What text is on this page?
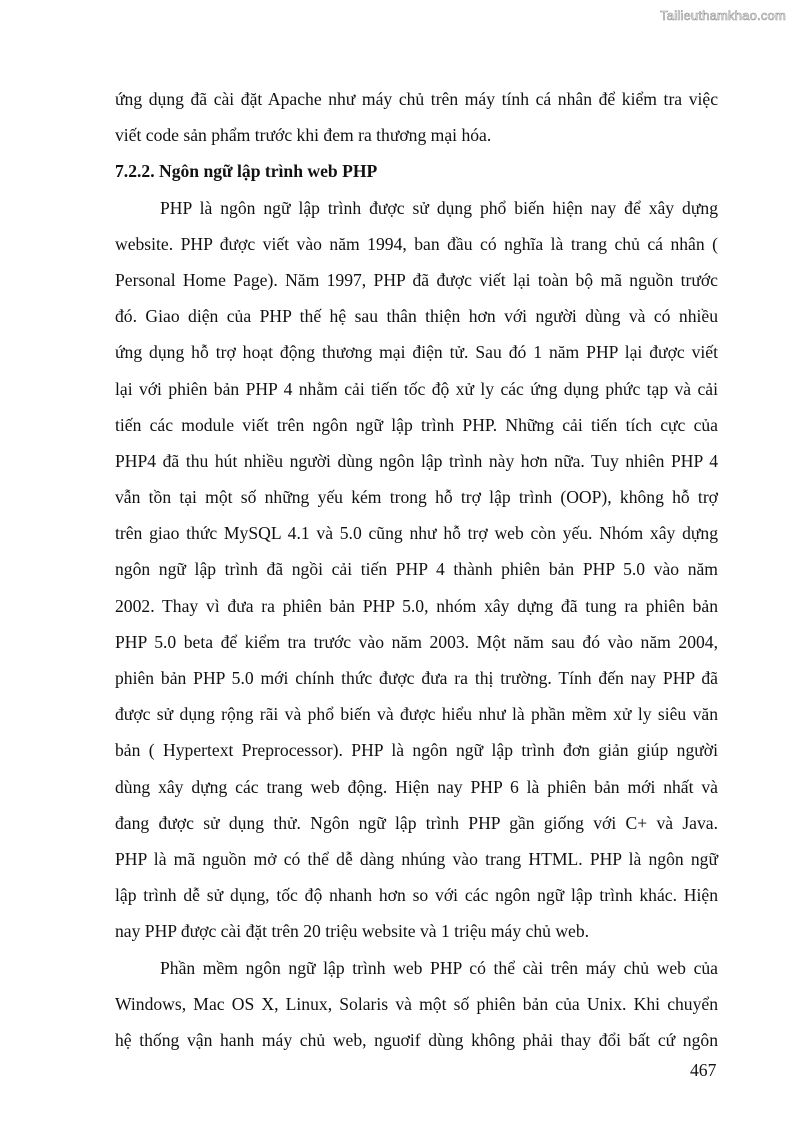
Tailieuthamkhao.com
ứng dụng đã cài đặt Apache như máy chủ trên máy tính cá nhân để kiểm tra việc
viết code sản phẩm trước khi đem ra thương mại hóa.
7.2.2. Ngôn ngữ lập trình web PHP
PHP là ngôn ngữ lập trình được sử dụng phổ biến hiện nay để xây dựng
website. PHP được viết vào năm 1994, ban đầu có nghĩa là trang chủ cá nhân (
Personal Home Page). Năm 1997, PHP đã được viết lại toàn bộ mã nguồn trước
đó. Giao diện của PHP thế hệ sau thân thiện hơn với người dùng và có nhiều
ứng dụng hỗ trợ hoạt động thương mại điện tử. Sau đó 1 năm PHP lại được viết
lại với phiên bản PHP 4 nhằm cải tiến tốc độ xử ly các ứng dụng phức tạp và cải
tiến các module viết trên ngôn ngữ lập trình PHP. Những cải tiến tích cực của
PHP4 đã thu hút nhiều người dùng ngôn lập trình này hơn nữa. Tuy nhiên PHP 4
vẫn tồn tại một số những yếu kém trong hỗ trợ lập trình (OOP), không hỗ trợ
trên giao thức MySQL 4.1 và 5.0 cũng như hỗ trợ web còn yếu. Nhóm xây dựng
ngôn ngữ lập trình đã ngồi cải tiến PHP 4 thành phiên bản PHP 5.0 vào năm
2002. Thay vì đưa ra phiên bản PHP 5.0, nhóm xây dựng đã tung ra phiên bản
PHP 5.0 beta để kiểm tra trước vào năm 2003. Một năm sau đó vào năm 2004,
phiên bản PHP 5.0 mới chính thức được đưa ra thị trường. Tính đến nay PHP đã
được sử dụng rộng rãi và phổ biến và được hiểu như là phần mềm xử ly siêu văn
bản ( Hypertext Preprocessor). PHP là ngôn ngữ lập trình đơn giản giúp người
dùng xây dựng các trang web động. Hiện nay PHP 6 là phiên bản mới nhất và
đang được sử dụng thử. Ngôn ngữ lập trình PHP gần giống với C+ và Java.
PHP là mã nguồn mở có thể dễ dàng nhúng vào trang HTML. PHP là ngôn ngữ
lập trình dễ sử dụng, tốc độ nhanh hơn so với các ngôn ngữ lập trình khác. Hiện
nay PHP được cài đặt trên 20 triệu website và 1 triệu máy chủ web.
Phần mềm ngôn ngữ lập trình web PHP có thể cài trên máy chủ web của
Windows, Mac OS X, Linux, Solaris và một số phiên bản của Unix. Khi chuyển
hệ thống vận hanh máy chủ web, nguơif dùng không phải thay đổi bất cứ ngôn
467
